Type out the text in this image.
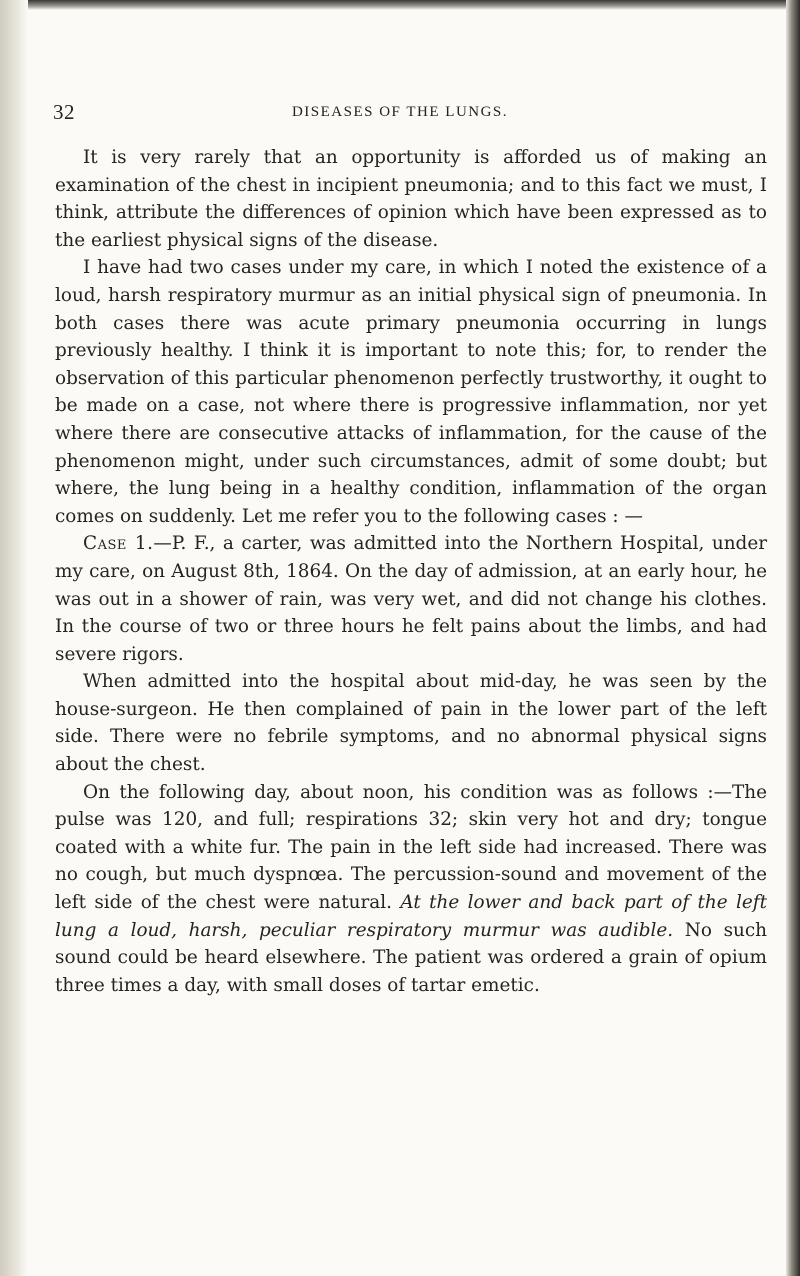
32	DISEASES OF THE LUNGS.

It is very rarely that an opportunity is afforded us of making an examination of the chest in incipient pneumonia; and to this fact we must, I think, attribute the differences of opinion which have been expressed as to the earliest physical signs of the disease.

I have had two cases under my care, in which I noted the existence of a loud, harsh respiratory murmur as an initial physical sign of pneumonia. In both cases there was acute primary pneumonia occurring in lungs previously healthy. I think it is important to note this; for, to render the observation of this particular phenomenon perfectly trustworthy, it ought to be made on a case, not where there is progressive inflammation, nor yet where there are consecutive attacks of inflammation, for the cause of the phenomenon might, under such circumstances, admit of some doubt; but where, the lung being in a healthy condition, inflammation of the organ comes on suddenly. Let me refer you to the following cases : —

Case 1.—P. F., a carter, was admitted into the Northern Hospital, under my care, on August 8th, 1864. On the day of admission, at an early hour, he was out in a shower of rain, was very wet, and did not change his clothes. In the course of two or three hours he felt pains about the limbs, and had severe rigors.

When admitted into the hospital about mid-day, he was seen by the house-surgeon. He then complained of pain in the lower part of the left side. There were no febrile symptoms, and no abnormal physical signs about the chest.

On the following day, about noon, his condition was as follows :—The pulse was 120, and full; respirations 32; skin very hot and dry; tongue coated with a white fur. The pain in the left side had increased. There was no cough, but much dyspnœa. The percussion-sound and movement of the left side of the chest were natural. At the lower and back part of the left lung a loud, harsh, peculiar respiratory murmur was audible. No such sound could be heard elsewhere. The patient was ordered a grain of opium three times a day, with small doses of tartar emetic.
